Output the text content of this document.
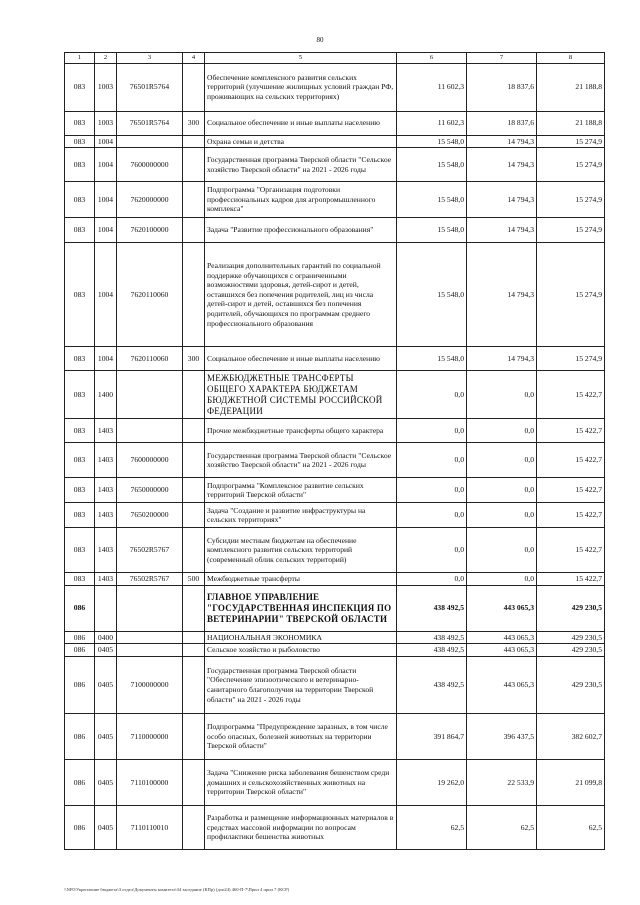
80
1	2	3	4	5	6	7	8
083	1003	76501R5764		Обеспечение комплексного развития сельских территорий (улучшение жилищных условий граждан РФ, проживающих на сельских территориях)	11 602,3	18 837,6	21 188,8
083	1003	76501R5764	300	Социальное обеспечение и иные выплаты населению	11 602,3	18 837,6	21 188,8
083	1004			Охрана семьи и детства	15 548,0	14 794,3	15 274,9
083	1004	7600000000		Государственная программа Тверской области "Сельское хозяйство Тверской области" на 2021 - 2026 годы	15 548,0	14 794,3	15 274,9
083	1004	7620000000		Подпрограмма "Организация подготовки профессиональных кадров для агропромышленного комплекса"	15 548,0	14 794,3	15 274,9
083	1004	7620100000		Задача "Развитие профессионального образования"	15 548,0	14 794,3	15 274,9
083	1004	7620110060		Реализация дополнительных гарантий по социальной поддержке обучающихся с ограниченными возможностями здоровья, детей-сирот и детей, оставшихся без попечения родителей, лиц из числа детей-сирот и детей, оставшихся без попечения родителей, обучающихся по программам среднего профессионального образования	15 548,0	14 794,3	15 274,9
083	1004	7620110060	300	Социальное обеспечение и иные выплаты населению	15 548,0	14 794,3	15 274,9
083	1400			МЕЖБЮДЖЕТНЫЕ ТРАНСФЕРТЫ ОБЩЕГО ХАРАКТЕРА БЮДЖЕТАМ БЮДЖЕТНОЙ СИСТЕМЫ РОССИЙСКОЙ ФЕДЕРАЦИИ	0,0	0,0	15 422,7
083	1403			Прочие межбюджетные трансферты общего характера	0,0	0,0	15 422,7
083	1403	7600000000		Государственная программа Тверской области "Сельское хозяйство Тверской области" на 2021 - 2026 годы	0,0	0,0	15 422,7
083	1403	7650000000		Подпрограмма "Комплексное развитие сельских территорий Тверской области"	0,0	0,0	15 422,7
083	1403	7650200000		Задача "Создание и развитие инфраструктуры на сельских территориях"	0,0	0,0	15 422,7
083	1403	76502R5767		Субсидии местным бюджетам на обеспечение комплексного развития сельских территорий (современный облик сельских территорий)	0,0	0,0	15 422,7
083	1403	76502R5767	500	Межбюджетные трансферты	0,0	0,0	15 422,7
086				ГЛАВНОЕ УПРАВЛЕНИЕ "ГОСУДАРСТВЕННАЯ ИНСПЕКЦИЯ ПО ВЕТЕРИНАРИИ" ТВЕРСКОЙ ОБЛАСТИ	438 492,5	443 065,3	429 230,5
086	0400			НАЦИОНАЛЬНАЯ ЭКОНОМИКА	438 492,5	443 065,3	429 230,5
086	0405			Сельское хозяйство и рыболовство	438 492,5	443 065,3	429 230,5
086	0405	7100000000		Государственная программа Тверской области "Обеспечение эпизоотического и ветеринарно-санитарного благополучия на территории Тверской области" на 2021 - 2026 годы	438 492,5	443 065,3	429 230,5
086	0405	7110000000		Подпрограмма "Предупреждение заразных, в том числе особо опасных, болезней животных на территории Тверской области"	391 864,7	396 437,5	382 602,7
086	0405	7110100000		Задача "Снижение риска заболевания бешенством среди домашних и сельскохозяйственных животных на территории Тверской области"	19 262,0	22 533,9	21 099,8
086	0405	7110110010		Разработка и размещение информационных материалов в средствах массовой информации по вопросам профилактики бешенства животных	62,5	62,5	62,5
\\NF0\Укрепление бюджета\3 отдел\Документы комитета\34 заседание (КПр) (доп24) 460-П-7\Прил 4 прил 7 (КСР)
